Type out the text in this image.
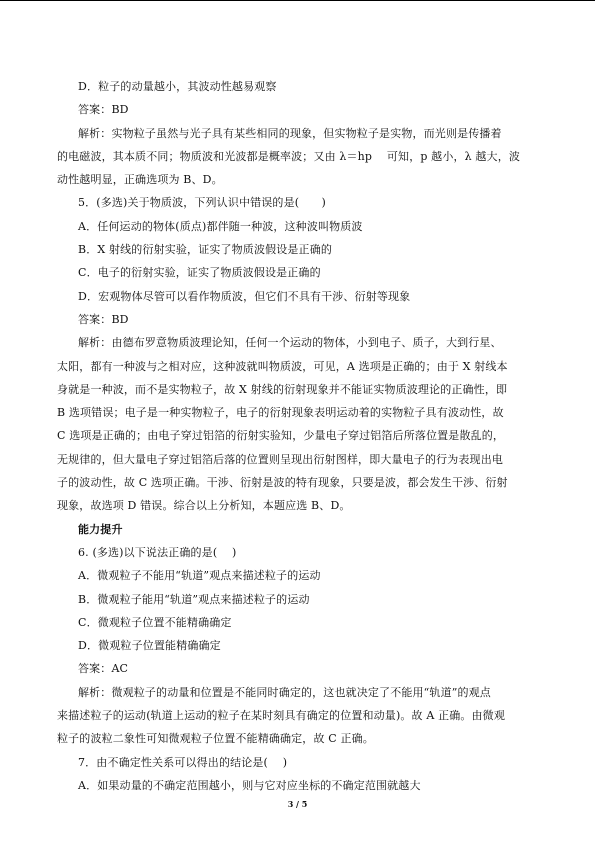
D．粒子的动量越小，其波动性越易观察
答案：BD
解析：实物粒子虽然与光子具有某些相同的现象，但实物粒子是实物，而光则是传播着
的电磁波，其本质不同；物质波和光波都是概率波；又由 λ＝hp　 可知，p 越小，λ 越大，波
动性越明显，正确选项为 B、D。
5．(多选)关于物质波，下列认识中错误的是(　　)
A．任何运动的物体(质点)都伴随一种波，这种波叫物质波
B．X 射线的衍射实验，证实了物质波假设是正确的
C．电子的衍射实验，证实了物质波假设是正确的
D．宏观物体尽管可以看作物质波，但它们不具有干涉、衍射等现象
答案：BD
解析：由德布罗意物质波理论知，任何一个运动的物体，小到电子、质子，大到行星、
太阳，都有一种波与之相对应，这种波就叫物质波，可见，A 选项是正确的；由于 X 射线本
身就是一种波，而不是实物粒子，故 X 射线的衍射现象并不能证实物质波理论的正确性，即
B 选项错误；电子是一种实物粒子，电子的衍射现象表明运动着的实物粒子具有波动性，故
C 选项是正确的；由电子穿过铝箔的衍射实验知，少量电子穿过铝箔后所落位置是散乱的，
无规律的，但大量电子穿过铝箔后落的位置则呈现出衍射图样，即大量电子的行为表现出电
子的波动性，故 C 选项正确。干涉、衍射是波的特有现象，只要是波，都会发生干涉、衍射
现象，故选项 D 错误。综合以上分析知，本题应选 B、D。
能力提升
6. (多选)以下说法正确的是(　 )
A．微观粒子不能用“轨道”观点来描述粒子的运动
B．微观粒子能用“轨道”观点来描述粒子的运动
C．微观粒子位置不能精确确定
D．微观粒子位置能精确确定
答案：AC
解析：微观粒子的动量和位置是不能同时确定的，这也就决定了不能用“轨道”的观点
来描述粒子的运动(轨道上运动的粒子在某时刻具有确定的位置和动量)。故 A 正确。由微观
粒子的波粒二象性可知微观粒子位置不能精确确定，故 C 正确。
7．由不确定性关系可以得出的结论是(　 )
A．如果动量的不确定范围越小，则与它对应坐标的不确定范围就越大
3 / 5
